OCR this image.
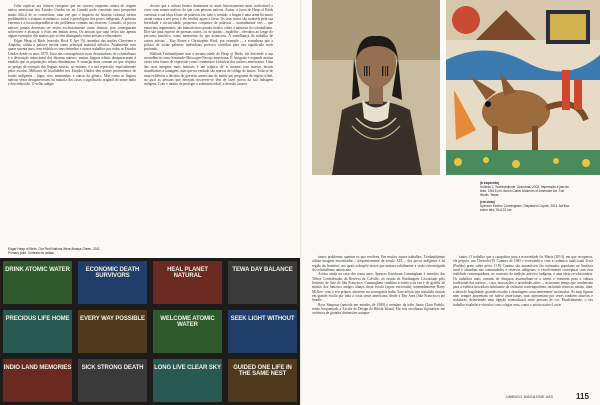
Cabe explicar aos leitores europeus que ter sucesso enquanto artista de origem nativa americana nos Estados Unidos ou no Canadá pode constituir uma perspetiva muito difícil de se concretizar, uma vez que o impacto da história colonial tornou problemático o estatuto económico, social e psicológico dos povos indígenas. A pobreza extrema e a toxicodependência são problemas comuns nas reservas. Contudo, os povos nativos jamais deveriam ser vistos exclusivamente como vítimas, pois conseguiram sobreviver e alcançar o êxito em muitas áreas. Os artistas que aqui refiro são apenas alguns exemplos dos muitos que se têm distinguido como artistas e educadores.

Edgar Heap of Birds (nascido Hock E Aye Vi), membro das nações Cheyenne e Arapaho, utiliza a palavra escrita como principal material artístico. Atualmente com quase setenta anos, tem exibido os seus desenhos e outros trabalhos por todos os Estados Unidos desde os anos 1970. Uma das consequências mais devastadoras do colonialismo é a destruição intencional dos idiomas nativos: muitas línguas tribais desapareceram à medida que as populações tribais diminuíram. A situação mais comum no que respeita ao perigo de extinção das línguas nativas, no entanto, é a sua repressão, especialmente pelas escolas. Milhares de localidades nos Estados Unidos têm nomes provenientes de fontes indígenas – lagos, rios, montanhas, e outros do género. Mas como as línguas nativas vêzes desapareceram, na maioria dos casos o significado original do nome índio é desconhecido. O velho adágio

do-nos que a cultura branca dominante se sente historicamente mais confortável a viver com nomes nativos do que com pessoas nativas. Assim, o facto de Heap of Birds construir a sua obra à base de palavras faz todo o sentido: a língua é uma arma há muito usada contra o seu povo e ele retribui agora o favor. Os seus textos são notáveis pela sua brevidade e incisividade, pequenos conjuntos de palavras – normalmente seis – que enunciam argumentos, tão humorísticos quanto ácidos, sobre a natureza do colonialismo. Eles são uma espécie de poemas curtos, ou de piadas – modelos – elevados ao longo do percurso histórico, como memoriais do que aconteceu. À semelhança do trabalho de outros artistas – Kay Rosen e Christopher Wool, por exemplo –, a estranheza que a prática de isolar palavras individuais provoca contribui para um significado mais profundo.

Hulleah Tsinhnahjinnie tem a mesma idade de Heap of Birds; ela descende a sua ascendência como Seminole-Muscogee-Navajo americana. É fotógrafa e expande muitas vezes essa forma de expressão como comentário à história dos nativos americanos. Uma das suas imagens mais famosas é um tríptico de si mesma com marcas faciais semelhantes a tatuagens, mas que na verdade são marcas de código de barras. Toda-se de uma evidência a decisão do governo americano de emitir um programa de registo tribal, no qual as pessoas que desejam inscrever-se têm de fazer prova da sua linhagem indígena. Com o intuito de proteger a soberania tribal, a decisão causou

Edgar Heap of Birds, Our Red Nations Were Always Green, 2011.
Primary print. Cortesia do artista
DRINK ATOMIC WATER	ECONOMIC DEATH SURVIVORS
HEAL PLANET NATURAL
TEWA DAY BALANCE
PRECIOUS LIFE HOME	EVERY WAY POSSIBLE	WELCOME ATOMIC WATER
SEEK LIGHT WITHOUT
INDIO LAND MEMORIES	SICK STRONG DEATH	LONG LIVE CLEAR SKY	GUIDED ONE LIFE IN THE SAME NEST
(à esquerda)
Hulleah J. Tsinhnahjinnie, Grandma, 2003. Impressão a jato de
tinta, 19x15 cm. Amon Carter Museum of American Art, Fort
Worth, Texas
(em cima)
Spencer Keeton Cunningham, Displaced Coyote, 2011. Acrílico
sobre tela, 91x122 cm

tantos problemas quantos os que resolveu. Em muitos outros trabalhos, Tsinhnahjinnie utiliza imagens encontradas – frequentemente de século XIX – dos povos indígenas e há região da fronteira, aos quais sobrepõe textos que minam subtilmente a visão estereotipada do colonialismo americano.

Artista ainda na casa dos trinta anos, Spencer Keeshaun Cunningham é membro das Tribos Confederadas da Reserva de Colville, no estado de Washington. Licenciado pelo Instituto de Arte de São Francisco, Cunningham combina a estética da rua e de graffiti de muitos dos famosos antigos alunos desta escola (agora encerrada), nomeadamente Barry McGee, com o seu próprio interesse na iconografia índia. Este artista tem instalado murais em grande escala por toda a costa oeste americana, desde a Bay Area (São Francisco) até Seattle.

Rose Simpson (nascida em meados de 1980) é membro da tribo Santa Clara Pueblo, tendo frequentado a Escola de Design de Rhode Island. Ela cria esculturas figurativas em cerâmica de grandes dimensões autopor-

tantes. O trabalho que a catapultou para a notoriedade foi Maria (2014), em que recuperou, ela própria, um Chevrolet El Camino de 1985 e revestindo-o com a cerâmica tradicional Tewa (Pueblo) preto sobre preto. O El Camino são automóveis tão estimados populares na América rural e abundam nas comunidades e reservas indígenas; o envolvimento conceptual com essa realidade contemporânea, no contexto da tradição artística indígena, é uma ideia revolucionária. Os trabalhos mais comuns de Simpson assemelham-se a totens e remetem para a cultura tradicional dos nativos – caça, invocações, e atividades afins –, ao mesmo tempo que condensam para a estética inovadora dominante da cerâmica contemporânea, incluindo técnicas mistas, tinta, a ideia de fragilidade, grandes escalas e abordagens conscientemente incómodas. As suas figuras nem sempre aparentam ser nativo americanas, mas apresentam por vezes também alusivas e sedutoras, defendendo uma ligação transcultural entre pessoas de cor. Paralelamente, o seu trabalho estabelece vínculos com colegas seus, como o artista nativo Lewis

UMBIGO MAGAZINE #83	115
